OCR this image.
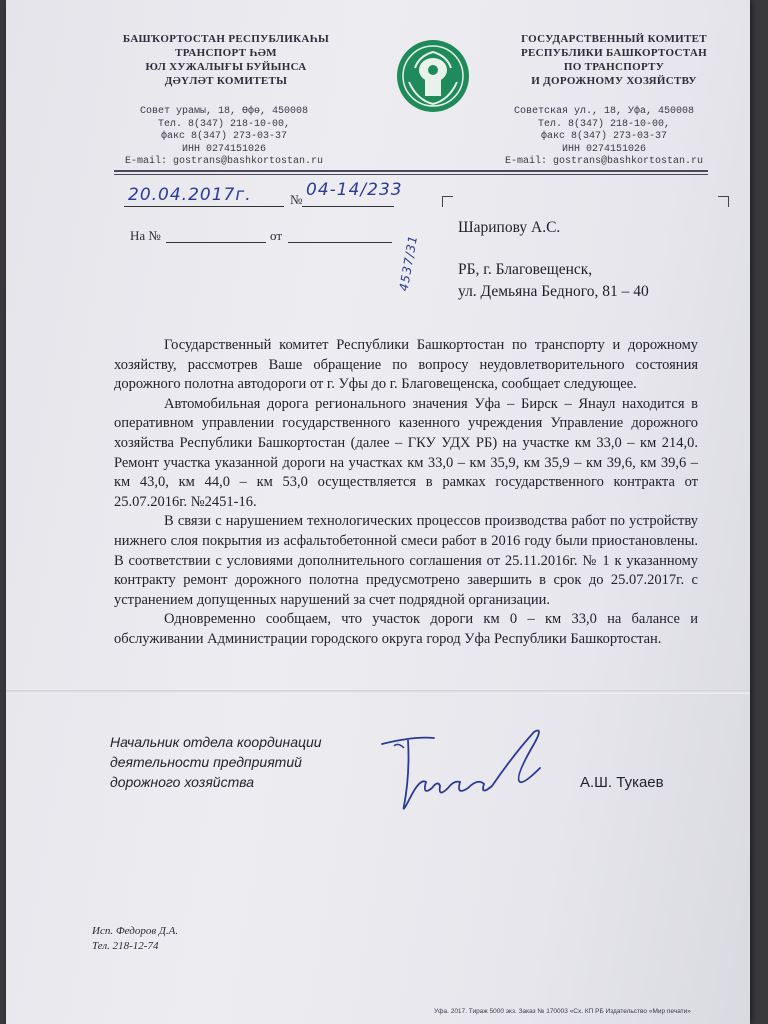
БАШҠОРТОСТАН РЕСПУБЛИКАҺЫ
ТРАНСПОРТ ҺӘМ
ЮЛ ХУЖАЛЫҒЫ БУЙЫНСА
ДӘҮЛӘТ КОМИТЕТЫ
ГОСУДАРСТВЕННЫЙ КОМИТЕТ
РЕСПУБЛИКИ БАШКОРТОСТАН
ПО ТРАНСПОРТУ
И ДОРОЖНОМУ ХОЗЯЙСТВУ
Совет урамы, 18, Өфө, 450008
Тел. 8(347) 218-10-00,
факс 8(347) 273-03-37
ИНН 0274151026
E-mail: gostrans@bashkortostan.ru
Советская ул., 18, Уфа, 450008
Тел. 8(347) 218-10-00,
факс 8(347) 273-03-37
ИНН 0274151026
E-mail: gostrans@bashkortostan.ru
20.04.2017г.	№ 04-14/233
На №	от	4537/31
Шарипову А.С.
РБ, г. Благовещенск,
ул. Демьяна Бедного, 81 – 40

Государственный комитет Республики Башкортостан по транспорту и дорожному хозяйству, рассмотрев Ваше обращение по вопросу неудовлетворительного состояния дорожного полотна автодороги от г. Уфы до г. Благовещенска, сообщает следующее.

Автомобильная дорога регионального значения Уфа – Бирск – Янаул находится в оперативном управлении государственного казенного учреждения Управление дорожного хозяйства Республики Башкортостан (далее – ГКУ УДХ РБ) на участке км 33,0 – км 214,0. Ремонт участка указанной дороги на участках км 33,0 – км 35,9, км 35,9 – км 39,6, км 39,6 – км 43,0, км 44,0 – км 53,0 осуществляется в рамках государственного контракта от 25.07.2016г. №2451-16.

В связи с нарушением технологических процессов производства работ по устройству нижнего слоя покрытия из асфальтобетонной смеси работ в 2016 году были приостановлены. В соответствии с условиями дополнительного соглашения от 25.11.2016г. № 1 к указанному контракту ремонт дорожного полотна предусмотрено завершить в срок до 25.07.2017г. с устранением допущенных нарушений за счет подрядной организации.

Одновременно сообщаем, что участок дороги км 0 – км 33,0 на балансе и обслуживании Администрации городского округа город Уфа Республики Башкортостан.

Начальник отдела координации
деятельности предприятий
дорожного хозяйства	А.Ш. Тукаев
Исп. Федоров Д.А.
Тел. 218-12-74
Уфа. 2017. Тираж 5000 экз. Заказ № 170003 «Сх. КП РБ Издательство «Мир печати»
